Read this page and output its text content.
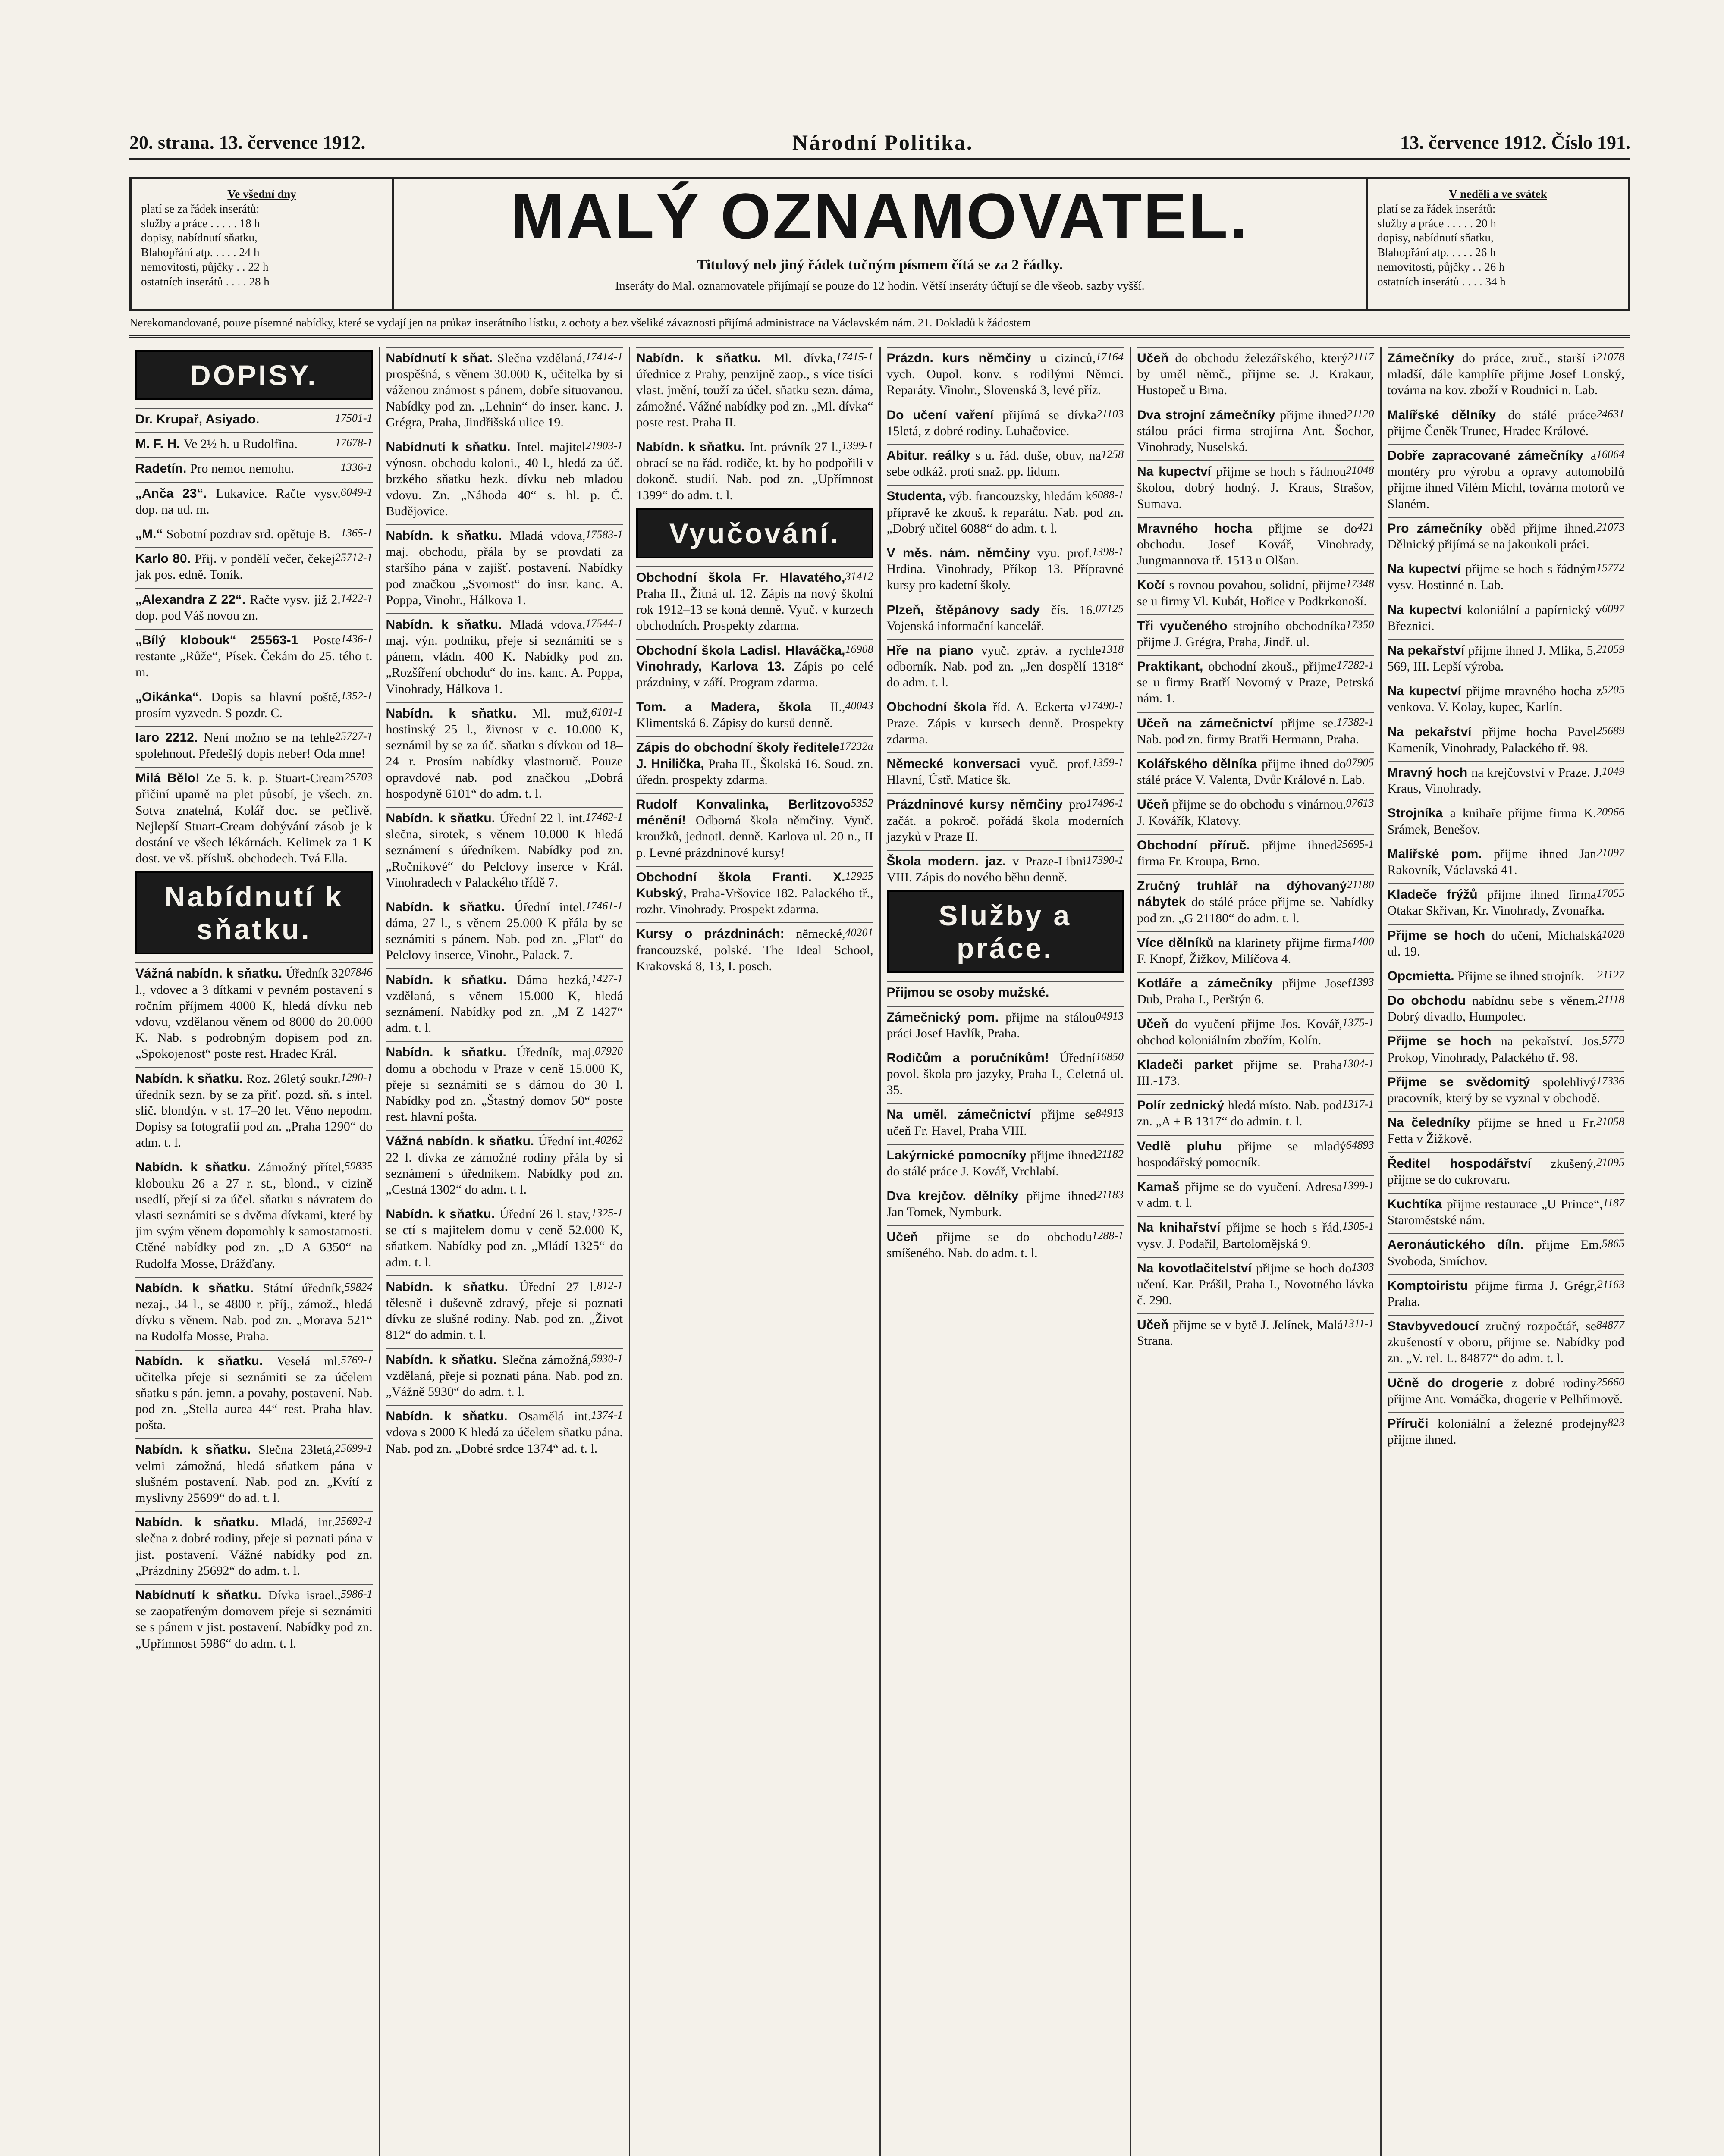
20. strana. 13. července 1912.	Národní Politika.	13. července 1912. Číslo 191.
Ve všední dny
platí se za řádek inserátů:
služby a práce . . . . . 18 h
dopisy, nabídnutí sňatku,
Blahopřání atp. . . . . 24 h
nemovitosti, půjčky . . 22 h
ostatních inserátů . . . . 28 h
MALÝ OZNAMOVATEL.
Titulový neb jiný řádek tučným písmem čítá se za 2 řádky.
Inseráty do Mal. oznamovatele přijímají se pouze do 12 hodin. Větší inseráty účtují se dle všeob. sazby vyšší.
V neděli a ve svátek
platí se za řádek inserátů:
služby a práce . . . . . 20 h
dopisy, nabídnutí sňatku,
Blahopřání atp. . . . . 26 h
nemovitosti, půjčky . . 26 h
ostatních inserátů . . . . 34 h
Nerekomandované, pouze písemné nabídky, které se vydají jen na průkaz inserátního lístku, z ochoty a bez všeliké závaznosti přijímá administrace na Václavském nám. 21. Dokladů k žádostem
DOPISY.
17501-1
Dr. Krupař, Asiyado.
17678-1
M. F. H. Ve 2½ h. u Rudolfina.
1336-1
Radetín. Pro nemoc nemohu.
6049-1
„Anča 23“. Lukavice. Račte vysv. dop. na ud. m.
1365-1
„M.“ Sobotní pozdrav srd. opětuje B.
25712-1
Karlo 80. Přij. v pondělí večer, čekej jak pos. edně. Toník.
1422-1
„Alexandra Z 22“. Račte vysv. již 2. dop. pod Váš novou zn.
1436-1
„Bílý klobouk“ 25563-1 Poste restante „Růže“, Písek. Čekám do 25. tého t. m.
1352-1
„Oikánka“. Dopis sa hlavní poště, prosím vyzvedn. S pozdr. C.
25727-1
Iaro 2212. Není možno se na tehle spolehnout. Předešlý dopis neber! Oda mne!
25703
Milá Bělo! Ze 5. k. p. Stuart-Cream přičiní upamě na plet působí, je všech. zn. Sotva znatelná, Kolář doc. se pečlivě. Nejlepší Stuart-Cream dobývání zásob je k dostání ve všech lékárnách. Kelimek za 1 K dost. ve vš. přísluš. obchodech. Tvá Ella.
Nabídnutí k sňatku.
07846
Vážná nabídn. k sňatku. Úředník 32 l., vdovec a 3 dítkami v pevném postavení s ročním příjmem 4000 K, hledá dívku neb vdovu, vzdělanou věnem od 8000 do 20.000 K. Nab. s podrobným dopisem pod zn. „Spokojenost“ poste rest. Hradec Král.
1290-1
Nabídn. k sňatku. Roz. 26letý soukr. úředník sezn. by se za přiť. pozd. sň. s intel. slič. blondýn. v st. 17–20 let. Věno nepodm. Dopisy sa fotografií pod zn. „Praha 1290“ do adm. t. l.
59835
Nabídn. k sňatku. Zámožný přítel, klobouku 26 a 27 r. st., blond., v cizině usedlí, přejí si za účel. sňatku s návratem do vlasti seznámiti se s dvěma dívkami, které by jim svým věnem dopomohly k samostatnosti. Ctěné nabídky pod zn. „D A 6350“ na Rudolfa Mosse, Drážďany.
59824
Nabídn. k sňatku. Státní úředník, nezaj., 34 l., se 4800 r. příj., zámož., hledá dívku s věnem. Nab. pod zn. „Morava 521“ na Rudolfa Mosse, Praha.
5769-1
Nabídn. k sňatku. Veselá ml. učitelka přeje si seznámiti se za účelem sňatku s pán. jemn. a povahy, postavení. Nab. pod zn. „Stella aurea 44“ rest. Praha hlav. pošta.
25699-1
Nabídn. k sňatku. Slečna 23letá, velmi zámožná, hledá sňatkem pána v slušném postavení. Nab. pod zn. „Kvítí z myslivny 25699“ do ad. t. l.
25692-1
Nabídn. k sňatku. Mladá, int. slečna z dobré rodiny, přeje si poznati pána v jist. postavení. Vážné nabídky pod zn. „Prázdniny 25692“ do adm. t. l.
5986-1
Nabídnutí k sňatku. Dívka israel., se zaopatřeným domovem přeje si seznámiti se s pánem v jist. postavení. Nabídky pod zn. „Upřímnost 5986“ do adm. t. l.
17414-1
Nabídnutí k sňat. Slečna vzdělaná, prospěšná, s věnem 30.000 K, učitelka by si váženou známost s pánem, dobře situovanou. Nabídky pod zn. „Lehnin“ do inser. kanc. J. Grégra, Praha, Jindřišská ulice 19.
21903-1
Nabídnutí k sňatku. Intel. majitel výnosn. obchodu koloni., 40 l., hledá za úč. brzkého sňatku hezk. dívku neb mladou vdovu. Zn. „Náhoda 40“ s. hl. p. Č. Budějovice.
17583-1
Nabídn. k sňatku. Mladá vdova, maj. obchodu, přála by se provdati za staršího pána v zajišť. postavení. Nabídky pod značkou „Svornost“ do insr. kanc. A. Poppa, Vinohr., Hálkova 1.
17544-1
Nabídn. k sňatku. Mladá vdova, maj. výn. podniku, přeje si seznámiti se s pánem, vládn. 400 K. Nabídky pod zn. „Rozšíření obchodu“ do ins. kanc. A. Poppa, Vinohrady, Hálkova 1.
6101-1
Nabídn. k sňatku. Ml. muž, hostinský 25 l., živnost v c. 10.000 K, seznámil by se za úč. sňatku s dívkou od 18–24 r. Prosím nabídky vlastnoruč. Pouze opravdové nab. pod značkou „Dobrá hospodyně 6101“ do adm. t. l.
17462-1
Nabídn. k sňatku. Úřední 22 l. int. slečna, sirotek, s věnem 10.000 K hledá seznámení s úředníkem. Nabídky pod zn. „Ročníkové“ do Pelclovy inserce v Král. Vinohradech v Palackého třídě 7.
17461-1
Nabídn. k sňatku. Úřední intel. dáma, 27 l., s věnem 25.000 K přála by se seznámiti s pánem. Nab. pod zn. „Flat“ do Pelclovy inserce, Vinohr., Palack. 7.
1427-1
Nabídn. k sňatku. Dáma hezká, vzdělaná, s věnem 15.000 K, hledá seznámení. Nabídky pod zn. „M Z 1427“ adm. t. l.
07920
Nabídn. k sňatku. Úředník, maj. domu a obchodu v Praze v ceně 15.000 K, přeje si seznámiti se s dámou do 30 l. Nabídky pod zn. „Štastný domov 50“ poste rest. hlavní pošta.
40262
Vážná nabídn. k sňatku. Úřední int. 22 l. dívka ze zámožné rodiny přála by si seznámení s úředníkem. Nabídky pod zn. „Cestná 1302“ do adm. t. l.
1325-1
Nabídn. k sňatku. Úřední 26 l. stav, se ctí s majitelem domu v ceně 52.000 K, sňatkem. Nabídky pod zn. „Mládí 1325“ do adm. t. l.
812-1
Nabídn. k sňatku. Úřední 27 l. tělesně i duševně zdravý, přeje si poznati dívku ze slušné rodiny. Nab. pod zn. „Život 812“ do admin. t. l.
5930-1
Nabídn. k sňatku. Slečna zámožná, vzdělaná, přeje si poznati pána. Nab. pod zn. „Vážně 5930“ do adm. t. l.
1374-1
Nabídn. k sňatku. Osamělá int. vdova s 2000 K hledá za účelem sňatku pána. Nab. pod zn. „Dobré srdce 1374“ ad. t. l.
17415-1
Nabídn. k sňatku. Ml. dívka, úřednice z Prahy, penzijně zaop., s více tisíci vlast. jmění, touží za účel. sňatku sezn. dáma, zámožné. Vážné nabídky pod zn. „Ml. dívka“ poste rest. Praha II.
1399-1
Nabídn. k sňatku. Int. právník 27 l., obrací se na řád. rodiče, kt. by ho podpořili v dokonč. studií. Nab. pod zn. „Upřímnost 1399“ do adm. t. l.
Vyučování.
31412
Obchodní škola Fr. Hlavatého, Praha II., Žitná ul. 12. Zápis na nový školní rok 1912–13 se koná denně. Vyuč. v kurzech obchodních. Prospekty zdarma.
16908
Obchodní škola Ladisl. Hlaváčka, Vinohrady, Karlova 13. Zápis po celé prázdniny, v září. Program zdarma.
40043
Tom. a Madera, škola II., Klimentská 6. Zápisy do kursů denně.
17232a
Zápis do obchodní školy ředitele J. Hnilička, Praha II., Školská 16. Soud. zn. úředn. prospekty zdarma.
5352
Rudolf Konvalinka, Berlitzovo ménění! Odborná škola němčiny. Vyuč. kroužků, jednotl. denně. Karlova ul. 20 n., II p. Levné prázdninové kursy!
12925
Obchodní škola Franti. X. Kubský, Praha-Vršovice 182. Palackého tř., rozhr. Vinohrady. Prospekt zdarma.
40201
Kursy o prázdninách: německé, francouzské, polské. The Ideal School, Krakovská 8, 13, I. posch.
17164
Prázdn. kurs němčiny u cizinců, vych. Oupol. konv. s rodilými Němci. Reparáty. Vinohr., Slovenská 3, levé příz.
21103
Do učení vaření přijímá se dívka 15letá, z dobré rodiny. Luhačovice.
1258
Abitur. reálky s u. řád. duše, obuv, na sebe odkáž. proti snaž. pp. lidum.
6088-1
Studenta, výb. francouzsky, hledám k přípravě ke zkouš. k reparátu. Nab. pod zn. „Dobrý učitel 6088“ do adm. t. l.
1398-1
V měs. nám. němčiny vyu. prof. Hrdina. Vinohrady, Příkop 13. Přípravné kursy pro kadetní školy.
07125
Plzeň, štěpánovy sady čís. 16. Vojenská informační kancelář.
1318
Hře na piano vyuč. zpráv. a rychle odborník. Nab. pod zn. „Jen dospělí 1318“ do adm. t. l.
17490-1
Obchodní škola říd. A. Eckerta v Praze. Zápis v kursech denně. Prospekty zdarma.
1359-1
Německé konversaci vyuč. prof. Hlavní, Ústř. Matice šk.
17496-1
Prázdninové kursy němčiny pro začát. a pokroč. pořádá škola moderních jazyků v Praze II.
17390-1
Škola modern. jaz. v Praze-Libni VIII. Zápis do nového běhu denně.
Služby a práce.
Přijmou se osoby mužské.
04913
Zámečnický pom. přijme na stálou práci Josef Havlík, Praha.
16850
Rodičům a poručníkům! Úřední povol. škola pro jazyky, Praha I., Celetná ul. 35.
84913
Na uměl. zámečnictví přijme se učeň Fr. Havel, Praha VIII.
21182
Lakýrnické pomocníky přijme ihned do stálé práce J. Kovář, Vrchlabí.
21183
Dva krejčov. dělníky přijme ihned Jan Tomek, Nymburk.
1288-1
Učeň přijme se do obchodu smíšeného. Nab. do adm. t. l.
21117
Učeň do obchodu železářského, který by uměl němč., přijme se. J. Krakaur, Hustopeč u Brna.
21120
Dva strojní zámečníky přijme ihned stálou práci firma strojírna Ant. Šochor, Vinohrady, Nuselská.
21048
Na kupectví přijme se hoch s řádnou školou, dobrý hodný. J. Kraus, Strašov, Sumava.
421
Mravného hocha přijme se do obchodu. Josef Kovář, Vinohrady, Jungmannova tř. 1513 u Olšan.
17348
Kočí s rovnou povahou, solidní, přijme se u firmy Vl. Kubát, Hořice v Podkrkonoší.
17350
Tři vyučeného strojního obchodníka přijme J. Grégra, Praha, Jindř. ul.
17282-1
Praktikant, obchodní zkouš., přijme se u firmy Bratří Novotný v Praze, Petrská nám. 1.
17382-1
Učeň na zámečnictví přijme se. Nab. pod zn. firmy Bratři Hermann, Praha.
07905
Kolářského dělníka přijme ihned do stálé práce V. Valenta, Dvůr Králové n. Lab.
07613
Učeň přijme se do obchodu s vinárnou. J. Kovářík, Klatovy.
25695-1
Obchodní příruč. přijme ihned firma Fr. Kroupa, Brno.
21180
Zručný truhlář na dýhovaný nábytek do stálé práce přijme se. Nabídky pod zn. „G 21180“ do adm. t. l.
1400
Více dělníků na klarinety přijme firma F. Knopf, Žižkov, Milíčova 4.
1393
Kotláře a zámečníky přijme Josef Dub, Praha I., Perštýn 6.
1375-1
Učeň do vyučení přijme Jos. Kovář, obchod koloniálním zbožím, Kolín.
1304-1
Kladeči parket přijme se. Praha III.-173.
1317-1
Polír zednický hledá místo. Nab. pod zn. „A + B 1317“ do admin. t. l.
64893
Vedlě pluhu přijme se mladý hospodářský pomocník.
1399-1
Kamaš přijme se do vyučení. Adresa v adm. t. l.
1305-1
Na knihařství přijme se hoch s řád. vysv. J. Podařil, Bartolomějská 9.
1303
Na kovotlačitelství přijme se hoch do učení. Kar. Prášil, Praha I., Novotného lávka č. 290.
1311-1
Učeň přijme se v bytě J. Jelínek, Malá Strana.
21078
Zámečníky do práce, zruč., starší i mladší, dále kamplíře přijme Josef Lonský, továrna na kov. zboží v Roudnici n. Lab.
24631
Malířské dělníky do stálé práce přijme Čeněk Trunec, Hradec Králové.
16064
Dobře zapracované zámečníky a montéry pro výrobu a opravy automobilů přijme ihned Vilém Michl, továrna motorů ve Slaném.
21073
Pro zámečníky oběd přijme ihned. Dělnický přijímá se na jakoukoli práci.
15772
Na kupectví přijme se hoch s řádným vysv. Hostinné n. Lab.
6097
Na kupectví koloniální a papírnický v Březnici.
21059
Na pekařství přijme ihned J. Mlika, 5. 569, III. Lepší výroba.
5205
Na kupectví přijme mravného hocha z venkova. V. Kolay, kupec, Karlín.
25689
Na pekařství přijme hocha Pavel Kameník, Vinohrady, Palackého tř. 98.
1049
Mravný hoch na krejčovství v Praze. J. Kraus, Vinohrady.
20966
Strojníka a knihaře přijme firma K. Srámek, Benešov.
21097
Malířské pom. přijme ihned Jan Rakovník, Václavská 41.
17055
Kladeče frýžů přijme ihned firma Otakar Skřivan, Kr. Vinohrady, Zvonařka.
1028
Přijme se hoch do učení, Michalská ul. 19.
21127
Opcmietta. Přijme se ihned strojník.
21118
Do obchodu nabídnu sebe s věnem. Dobrý divadlo, Humpolec.
5779
Přijme se hoch na pekařství. Jos. Prokop, Vinohrady, Palackého tř. 98.
17336
Přijme se svědomitý spolehlivý pracovník, který by se vyznal v obchodě.
21058
Na čeledníky přijme se hned u Fr. Fetta v Žižkově.
21095
Ředitel hospodářství zkušený, přijme se do cukrovaru.
1187
Kuchtíka přijme restaurace „U Prince“, Staroměstské nám.
5865
Aeronáutického díln. přijme Em. Svoboda, Smíchov.
21163
Komptoiristu přijme firma J. Grégr, Praha.
84877
Stavbyvedoucí zručný rozpočtář, se zkušeností v oboru, přijme se. Nabídky pod zn. „V. rel. L. 84877“ do adm. t. l.
25660
Učně do drogerie z dobré rodiny přijme Ant. Vomáčka, drogerie v Pelhřimově.
823
Příruči koloniální a železné prodejny přijme ihned.
